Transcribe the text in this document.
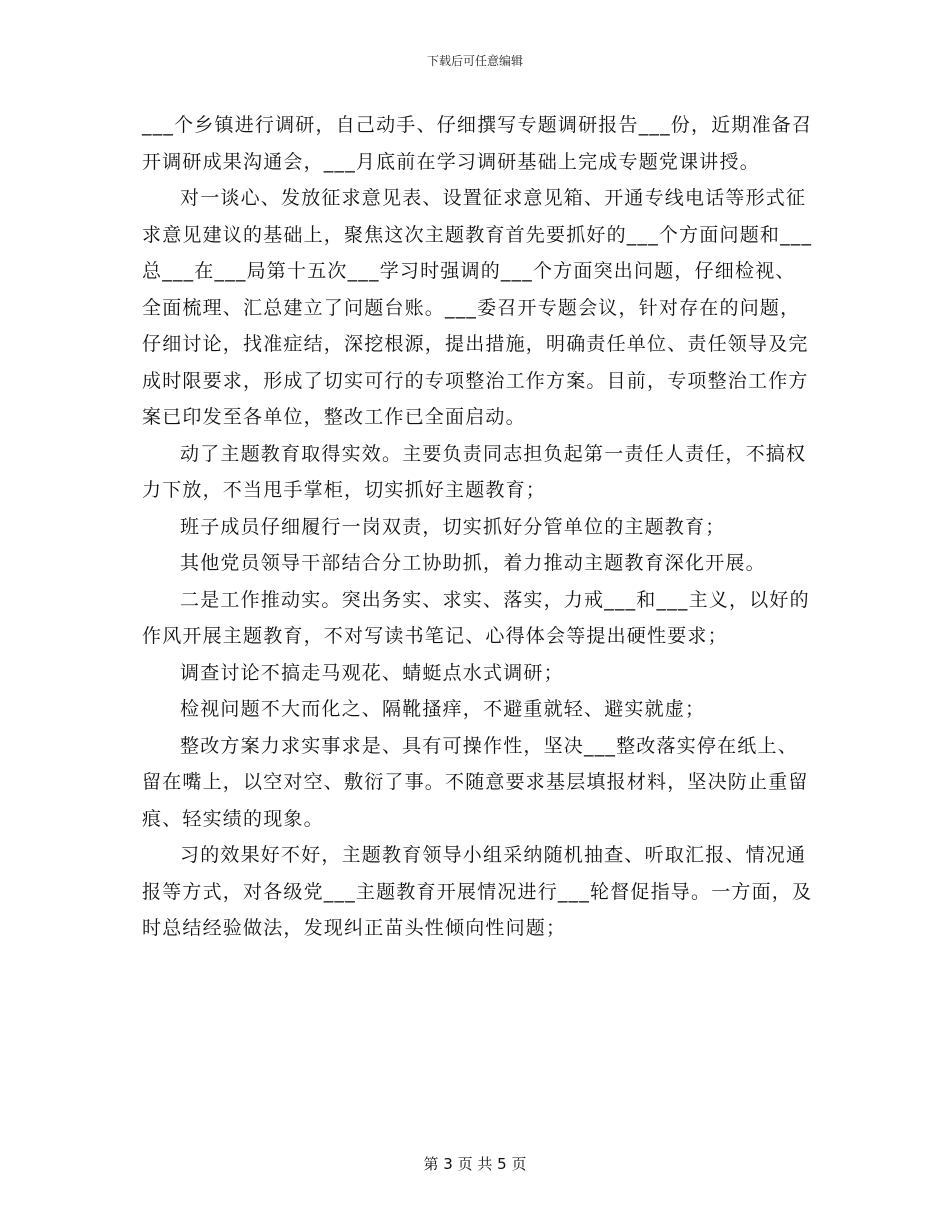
下载后可任意编辑

___个乡镇进行调研，自己动手、仔细撰写专题调研报告___份，近期准备召开调研成果沟通会，___月底前在学习调研基础上完成专题党课讲授。

对一谈心、发放征求意见表、设置征求意见箱、开通专线电话等形式征求意见建议的基础上，聚焦这次主题教育首先要抓好的___个方面问题和___总___在___局第十五次___学习时强调的___个方面突出问题，仔细检视、全面梳理、汇总建立了问题台账。___委召开专题会议，针对存在的问题，仔细讨论，找准症结，深挖根源，提出措施，明确责任单位、责任领导及完成时限要求，形成了切实可行的专项整治工作方案。目前，专项整治工作方案已印发至各单位，整改工作已全面启动。

动了主题教育取得实效。主要负责同志担负起第一责任人责任，不搞权力下放，不当甩手掌柜，切实抓好主题教育；

班子成员仔细履行一岗双责，切实抓好分管单位的主题教育；

其他党员领导干部结合分工协助抓，着力推动主题教育深化开展。

二是工作推动实。突出务实、求实、落实，力戒___和___主义，以好的作风开展主题教育，不对写读书笔记、心得体会等提出硬性要求；

调查讨论不搞走马观花、蜻蜓点水式调研；

检视问题不大而化之、隔靴搔痒，不避重就轻、避实就虚；

整改方案力求实事求是、具有可操作性，坚决___整改落实停在纸上、留在嘴上，以空对空、敷衍了事。不随意要求基层填报材料，坚决防止重留痕、轻实绩的现象。

习的效果好不好，主题教育领导小组采纳随机抽查、听取汇报、情况通报等方式，对各级党___主题教育开展情况进行___轮督促指导。一方面，及时总结经验做法，发现纠正苗头性倾向性问题；

第 3 页 共 5 页
